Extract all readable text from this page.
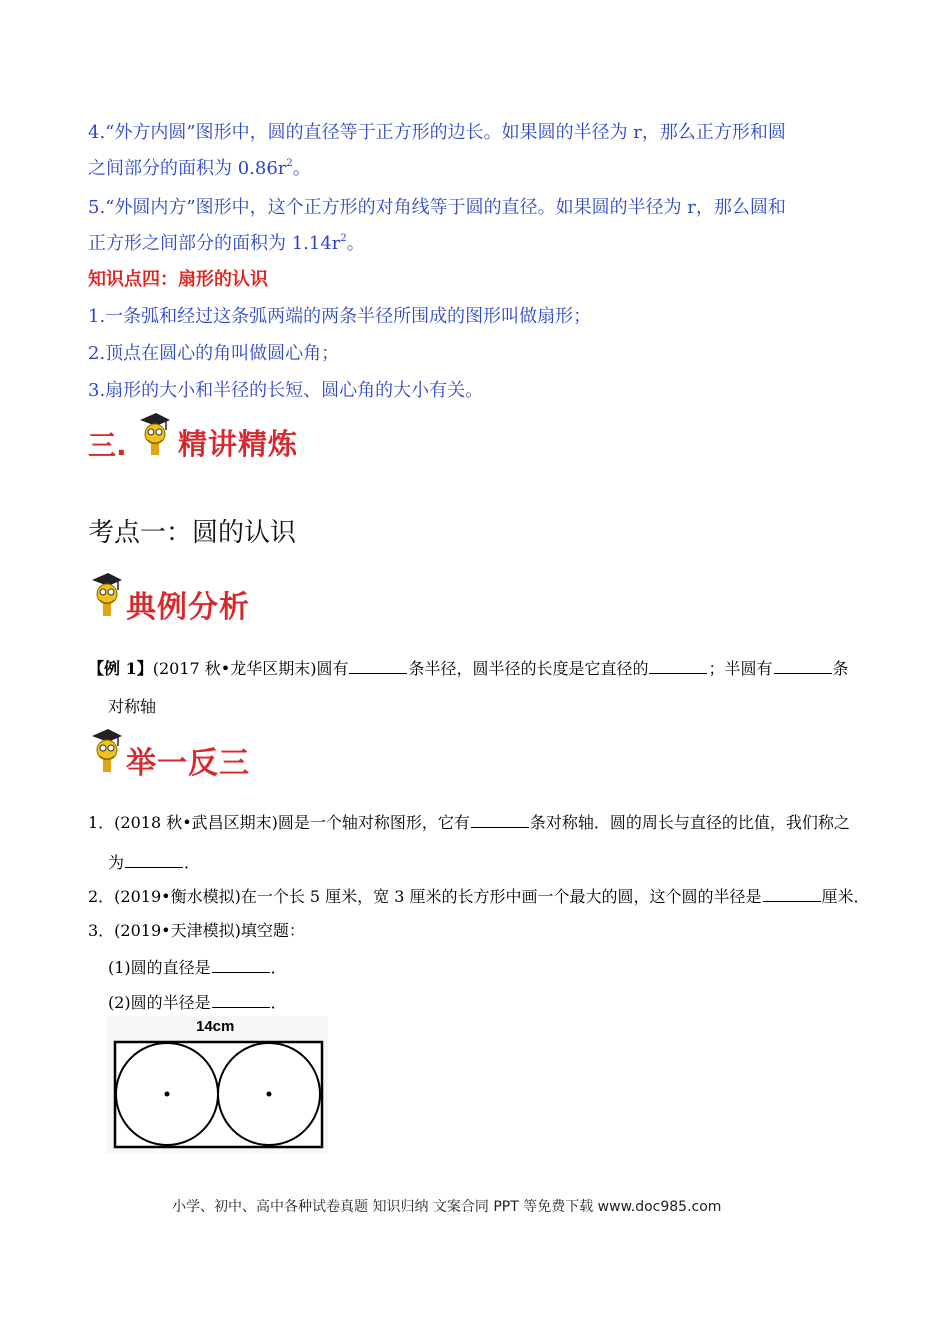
4.“外方内圆”图形中，圆的直径等于正方形的边长。如果圆的半径为 r，那么正方形和圆
之间部分的面积为 $0.86r^2$。
5.“外圆内方”图形中，这个正方形的对角线等于圆的直径。如果圆的半径为 r，那么圆和
正方形之间部分的面积为 $1.14r^2$。
知识点四：扇形的认识
1.一条弧和经过这条弧两端的两条半径所围成的图形叫做扇形；
2.顶点在圆心的角叫做圆心角；
3.扇形的大小和半径的长短、圆心角的大小有关。
三. 精讲精炼
考点一：圆的认识
典例分析
【例 1】(2017 秋•龙华区期末)圆有	条半径，圆半径的长度是它直径的	；半圆有	条
对称轴
举一反三
1．(2018 秋•武昌区期末)圆是一个轴对称图形，它有	条对称轴．圆的周长与直径的比值，我们称之
为	．
2．(2019•衡水模拟)在一个长 5 厘米，宽 3 厘米的长方形中画一个最大的圆，这个圆的半径是	厘米．
3．(2019•天津模拟)填空题：
(1)圆的直径是	．
(2)圆的半径是	．
14cm
小学、初中、高中各种试卷真题 知识归纳 文案合同 PPT 等免费下载 www.doc985.com
